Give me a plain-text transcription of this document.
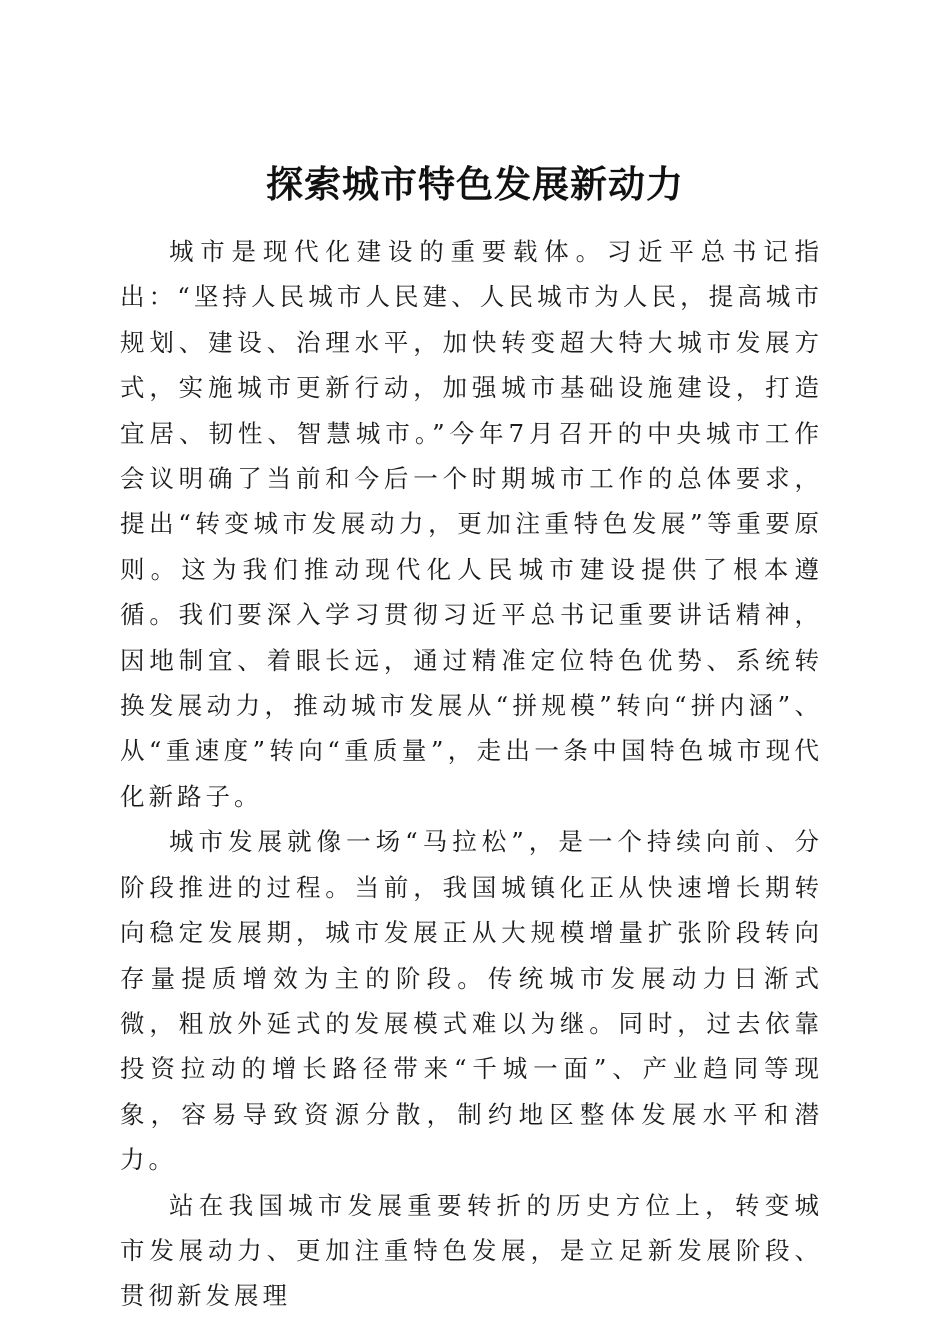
探索城市特色发展新动力

城市是现代化建设的重要载体。习近平总书记指出：“坚持人民城市人民建、人民城市为人民，提高城市规划、建设、治理水平，加快转变超大特大城市发展方式，实施城市更新行动，加强城市基础设施建设，打造宜居、韧性、智慧城市。”今年7月召开的中央城市工作会议明确了当前和今后一个时期城市工作的总体要求，提出“转变城市发展动力，更加注重特色发展”等重要原则。这为我们推动现代化人民城市建设提供了根本遵循。我们要深入学习贯彻习近平总书记重要讲话精神，因地制宜、着眼长远，通过精准定位特色优势、系统转换发展动力，推动城市发展从“拼规模”转向“拼内涵”、从“重速度”转向“重质量”，走出一条中国特色城市现代化新路子。

城市发展就像一场“马拉松”，是一个持续向前、分阶段推进的过程。当前，我国城镇化正从快速增长期转向稳定发展期，城市发展正从大规模增量扩张阶段转向存量提质增效为主的阶段。传统城市发展动力日渐式微，粗放外延式的发展模式难以为继。同时，过去依靠投资拉动的增长路径带来“千城一面”、产业趋同等现象，容易导致资源分散，制约地区整体发展水平和潜力。

站在我国城市发展重要转折的历史方位上，转变城市发展动力、更加注重特色发展，是立足新发展阶段、贯彻新发展理
